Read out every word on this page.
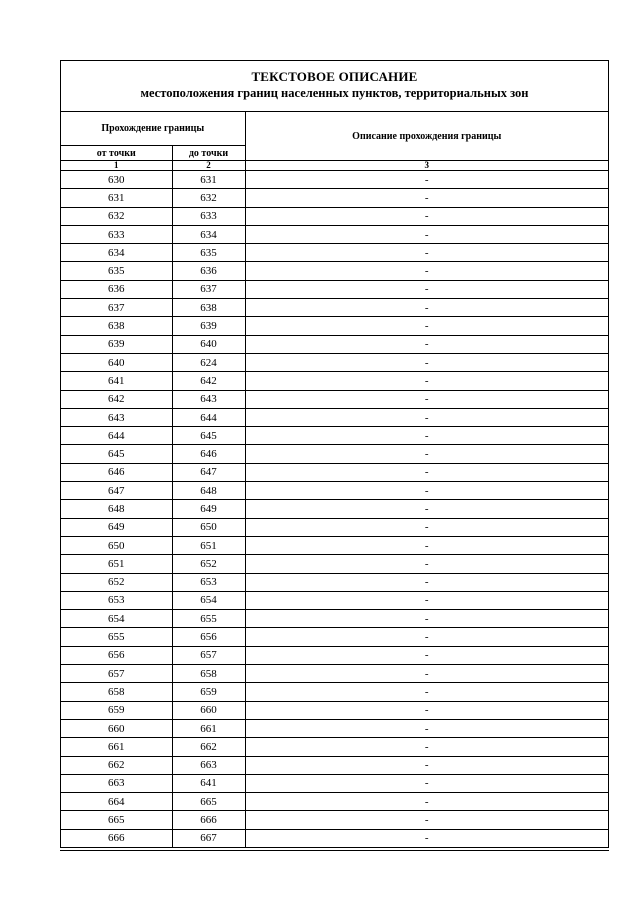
ТЕКСТОВОЕ ОПИСАНИЕ
местоположения границ населенных пунктов, территориальных зон
Прохождение границы		Описание прохождения границы
от точки	до точки	
1	2	3
630	631	-
631	632	-
632	633	-
633	634	-
634	635	-
635	636	-
636	637	-
637	638	-
638	639	-
639	640	-
640	624	-
641	642	-
642	643	-
643	644	-
644	645	-
645	646	-
646	647	-
647	648	-
648	649	-
649	650	-
650	651	-
651	652	-
652	653	-
653	654	-
654	655	-
655	656	-
656	657	-
657	658	-
658	659	-
659	660	-
660	661	-
661	662	-
662	663	-
663	641	-
664	665	-
665	666	-
666	667	-
